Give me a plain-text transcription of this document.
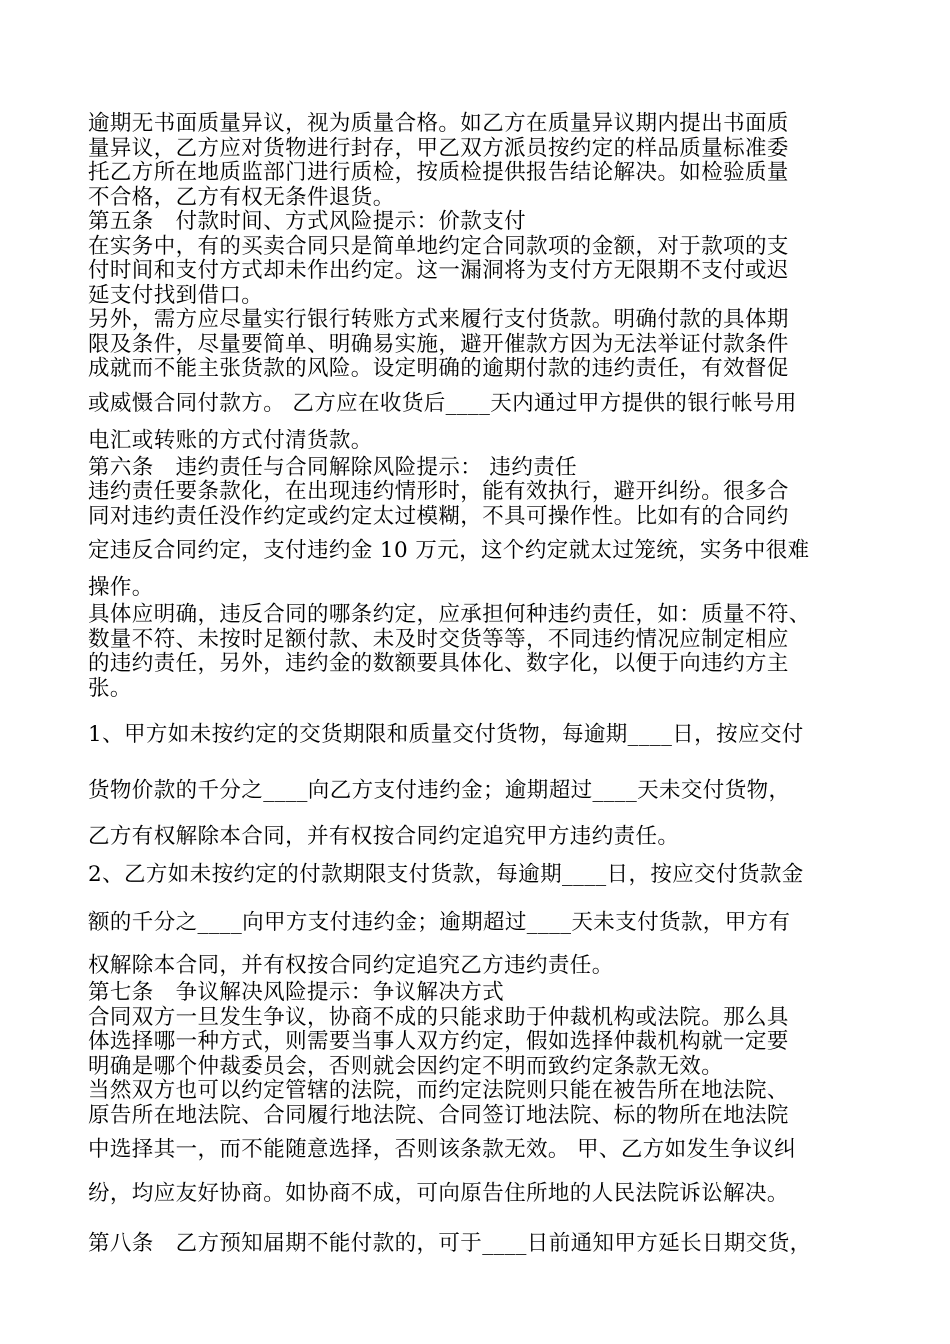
逾期无书面质量异议，视为质量合格。如乙方在质量异议期内提出书面质
量异议，乙方应对货物进行封存，甲乙双方派员按约定的样品质量标准委
托乙方所在地质监部门进行质检，按质检提供报告结论解决。如检验质量
不合格，乙方有权无条件退货。
第五条　付款时间、方式风险提示：价款支付
在实务中，有的买卖合同只是简单地约定合同款项的金额，对于款项的支
付时间和支付方式却未作出约定。这一漏洞将为支付方无限期不支付或迟
延支付找到借口。
另外，需方应尽量实行银行转账方式来履行支付货款。明确付款的具体期
限及条件，尽量要简单、明确易实施，避开催款方因为无法举证付款条件
成就而不能主张货款的风险。设定明确的逾期付款的违约责任，有效督促
或威慑合同付款方。 乙方应在收货后____天内通过甲方提供的银行帐号用
电汇或转账的方式付清货款。
第六条　违约责任与合同解除风险提示： 违约责任
违约责任要条款化，在出现违约情形时，能有效执行，避开纠纷。很多合
同对违约责任没作约定或约定太过模糊，不具可操作性。比如有的合同约
定违反合同约定，支付违约金 10 万元，这个约定就太过笼统，实务中很难
操作。
具体应明确，违反合同的哪条约定，应承担何种违约责任，如：质量不符、
数量不符、未按时足额付款、未及时交货等等，不同违约情况应制定相应
的违约责任，另外，违约金的数额要具体化、数字化，以便于向违约方主
张。
1、甲方如未按约定的交货期限和质量交付货物，每逾期____日，按应交付
货物价款的千分之____向乙方支付违约金；逾期超过____天未交付货物，
乙方有权解除本合同，并有权按合同约定追究甲方违约责任。
2、乙方如未按约定的付款期限支付货款，每逾期____日，按应交付货款金
额的千分之____向甲方支付违约金；逾期超过____天未支付货款，甲方有
权解除本合同，并有权按合同约定追究乙方违约责任。
第七条　争议解决风险提示：争议解决方式
合同双方一旦发生争议，协商不成的只能求助于仲裁机构或法院。那么具
体选择哪一种方式，则需要当事人双方约定，假如选择仲裁机构就一定要
明确是哪个仲裁委员会，否则就会因约定不明而致约定条款无效。
当然双方也可以约定管辖的法院，而约定法院则只能在被告所在地法院、
原告所在地法院、合同履行地法院、合同签订地法院、标的物所在地法院
中选择其一，而不能随意选择，否则该条款无效。 甲、乙方如发生争议纠
纷，均应友好协商。如协商不成，可向原告住所地的人民法院诉讼解决。
第八条　乙方预知届期不能付款的，可于____日前通知甲方延长日期交货，
